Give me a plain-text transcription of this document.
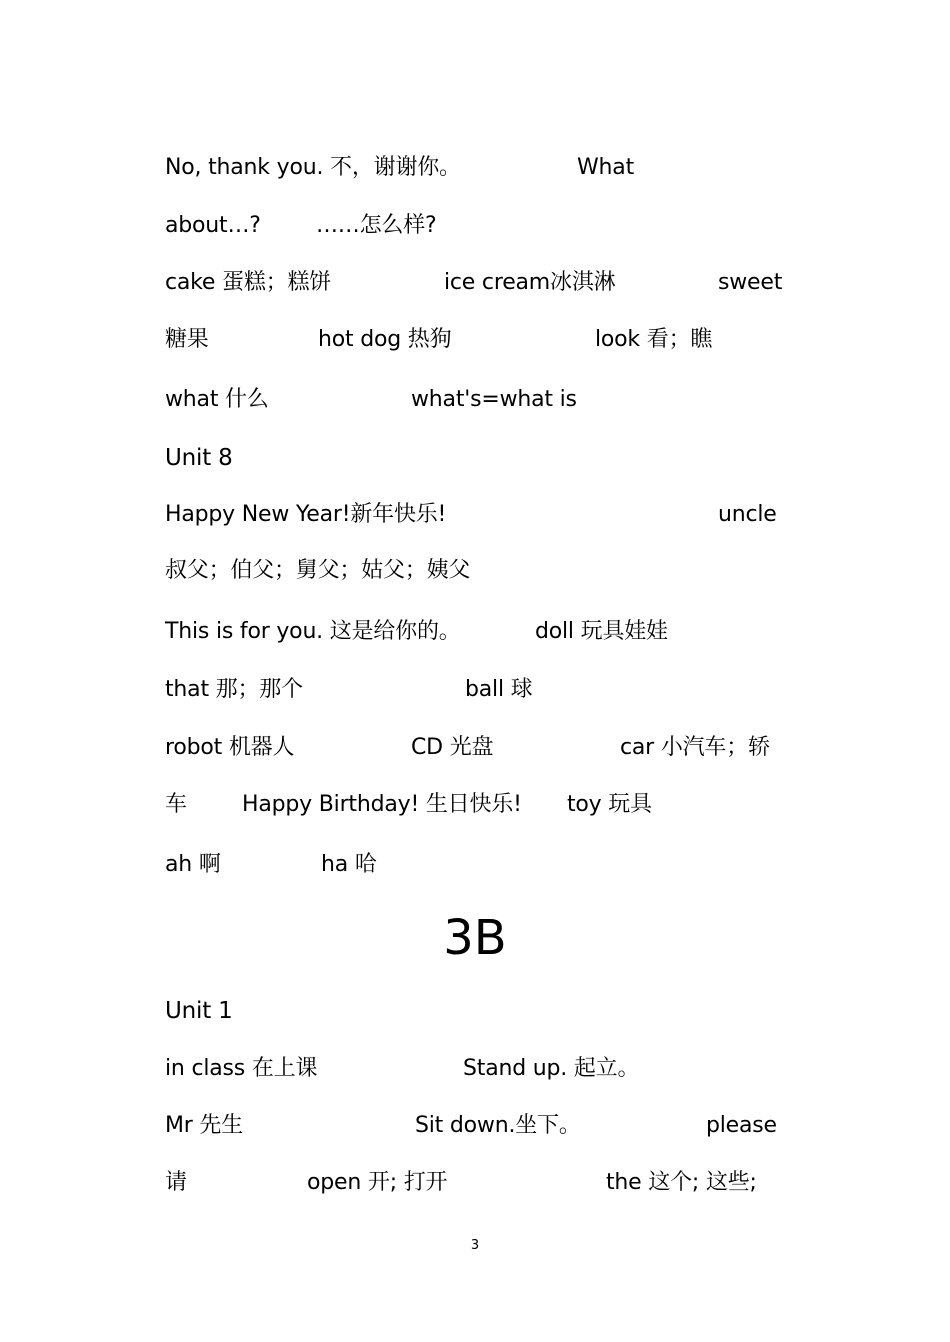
No, thank you. 不，谢谢你。	What
about…?	……怎么样?
cake 蛋糕；糕饼	ice cream冰淇淋	sweet
糖果	hot dog 热狗	look 看；瞧
what 什么	what's=what is
Unit 8
Happy New Year!新年快乐!	uncle
叔父；伯父；舅父；姑父；姨父
This is for you. 这是给你的。	doll 玩具娃娃
that 那；那个	ball 球
robot 机器人	CD 光盘	car 小汽车；轿
车	Happy Birthday! 生日快乐! toy 玩具
ah 啊	ha 哈
3B
Unit 1
in class 在上课	Stand up. 起立。
Mr 先生	Sit down.坐下。	please
请	open 开; 打开	the 这个; 这些;
3
